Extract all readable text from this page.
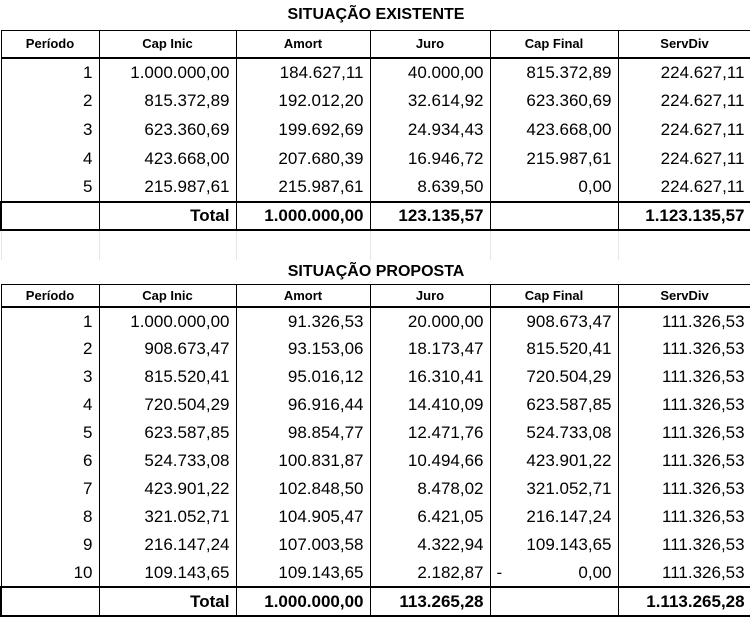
SITUAÇÃO EXISTENTE					
Período	Cap Inic	Amort	Juro	Cap Final	ServDiv
1	1.000.000,00	184.627,11	40.000,00	815.372,89	224.627,11
2	815.372,89	192.012,20	32.614,92	623.360,69	224.627,11
3	623.360,69	199.692,69	24.934,43	423.668,00	224.627,11
4	423.668,00	207.680,39	16.946,72	215.987,61	224.627,11
5	215.987,61	215.987,61	8.639,50	0,00	224.627,11
	Total	1.000.000,00	123.135,57		1.123.135,57

SITUAÇÃO PROPOSTA					
Período	Cap Inic	Amort	Juro	Cap Final	ServDiv
1	1.000.000,00	91.326,53	20.000,00	908.673,47	111.326,53
2	908.673,47	93.153,06	18.173,47	815.520,41	111.326,53
3	815.520,41	95.016,12	16.310,41	720.504,29	111.326,53
4	720.504,29	96.916,44	14.410,09	623.587,85	111.326,53
5	623.587,85	98.854,77	12.471,76	524.733,08	111.326,53
6	524.733,08	100.831,87	10.494,66	423.901,22	111.326,53
7	423.901,22	102.848,50	8.478,02	321.052,71	111.326,53
8	321.052,71	104.905,47	6.421,05	216.147,24	111.326,53
9	216.147,24	107.003,58	4.322,94	109.143,65	111.326,53
10	109.143,65	109.143,65	2.182,87	- 0,00	111.326,53
	Total	1.000.000,00	113.265,28		1.113.265,28
